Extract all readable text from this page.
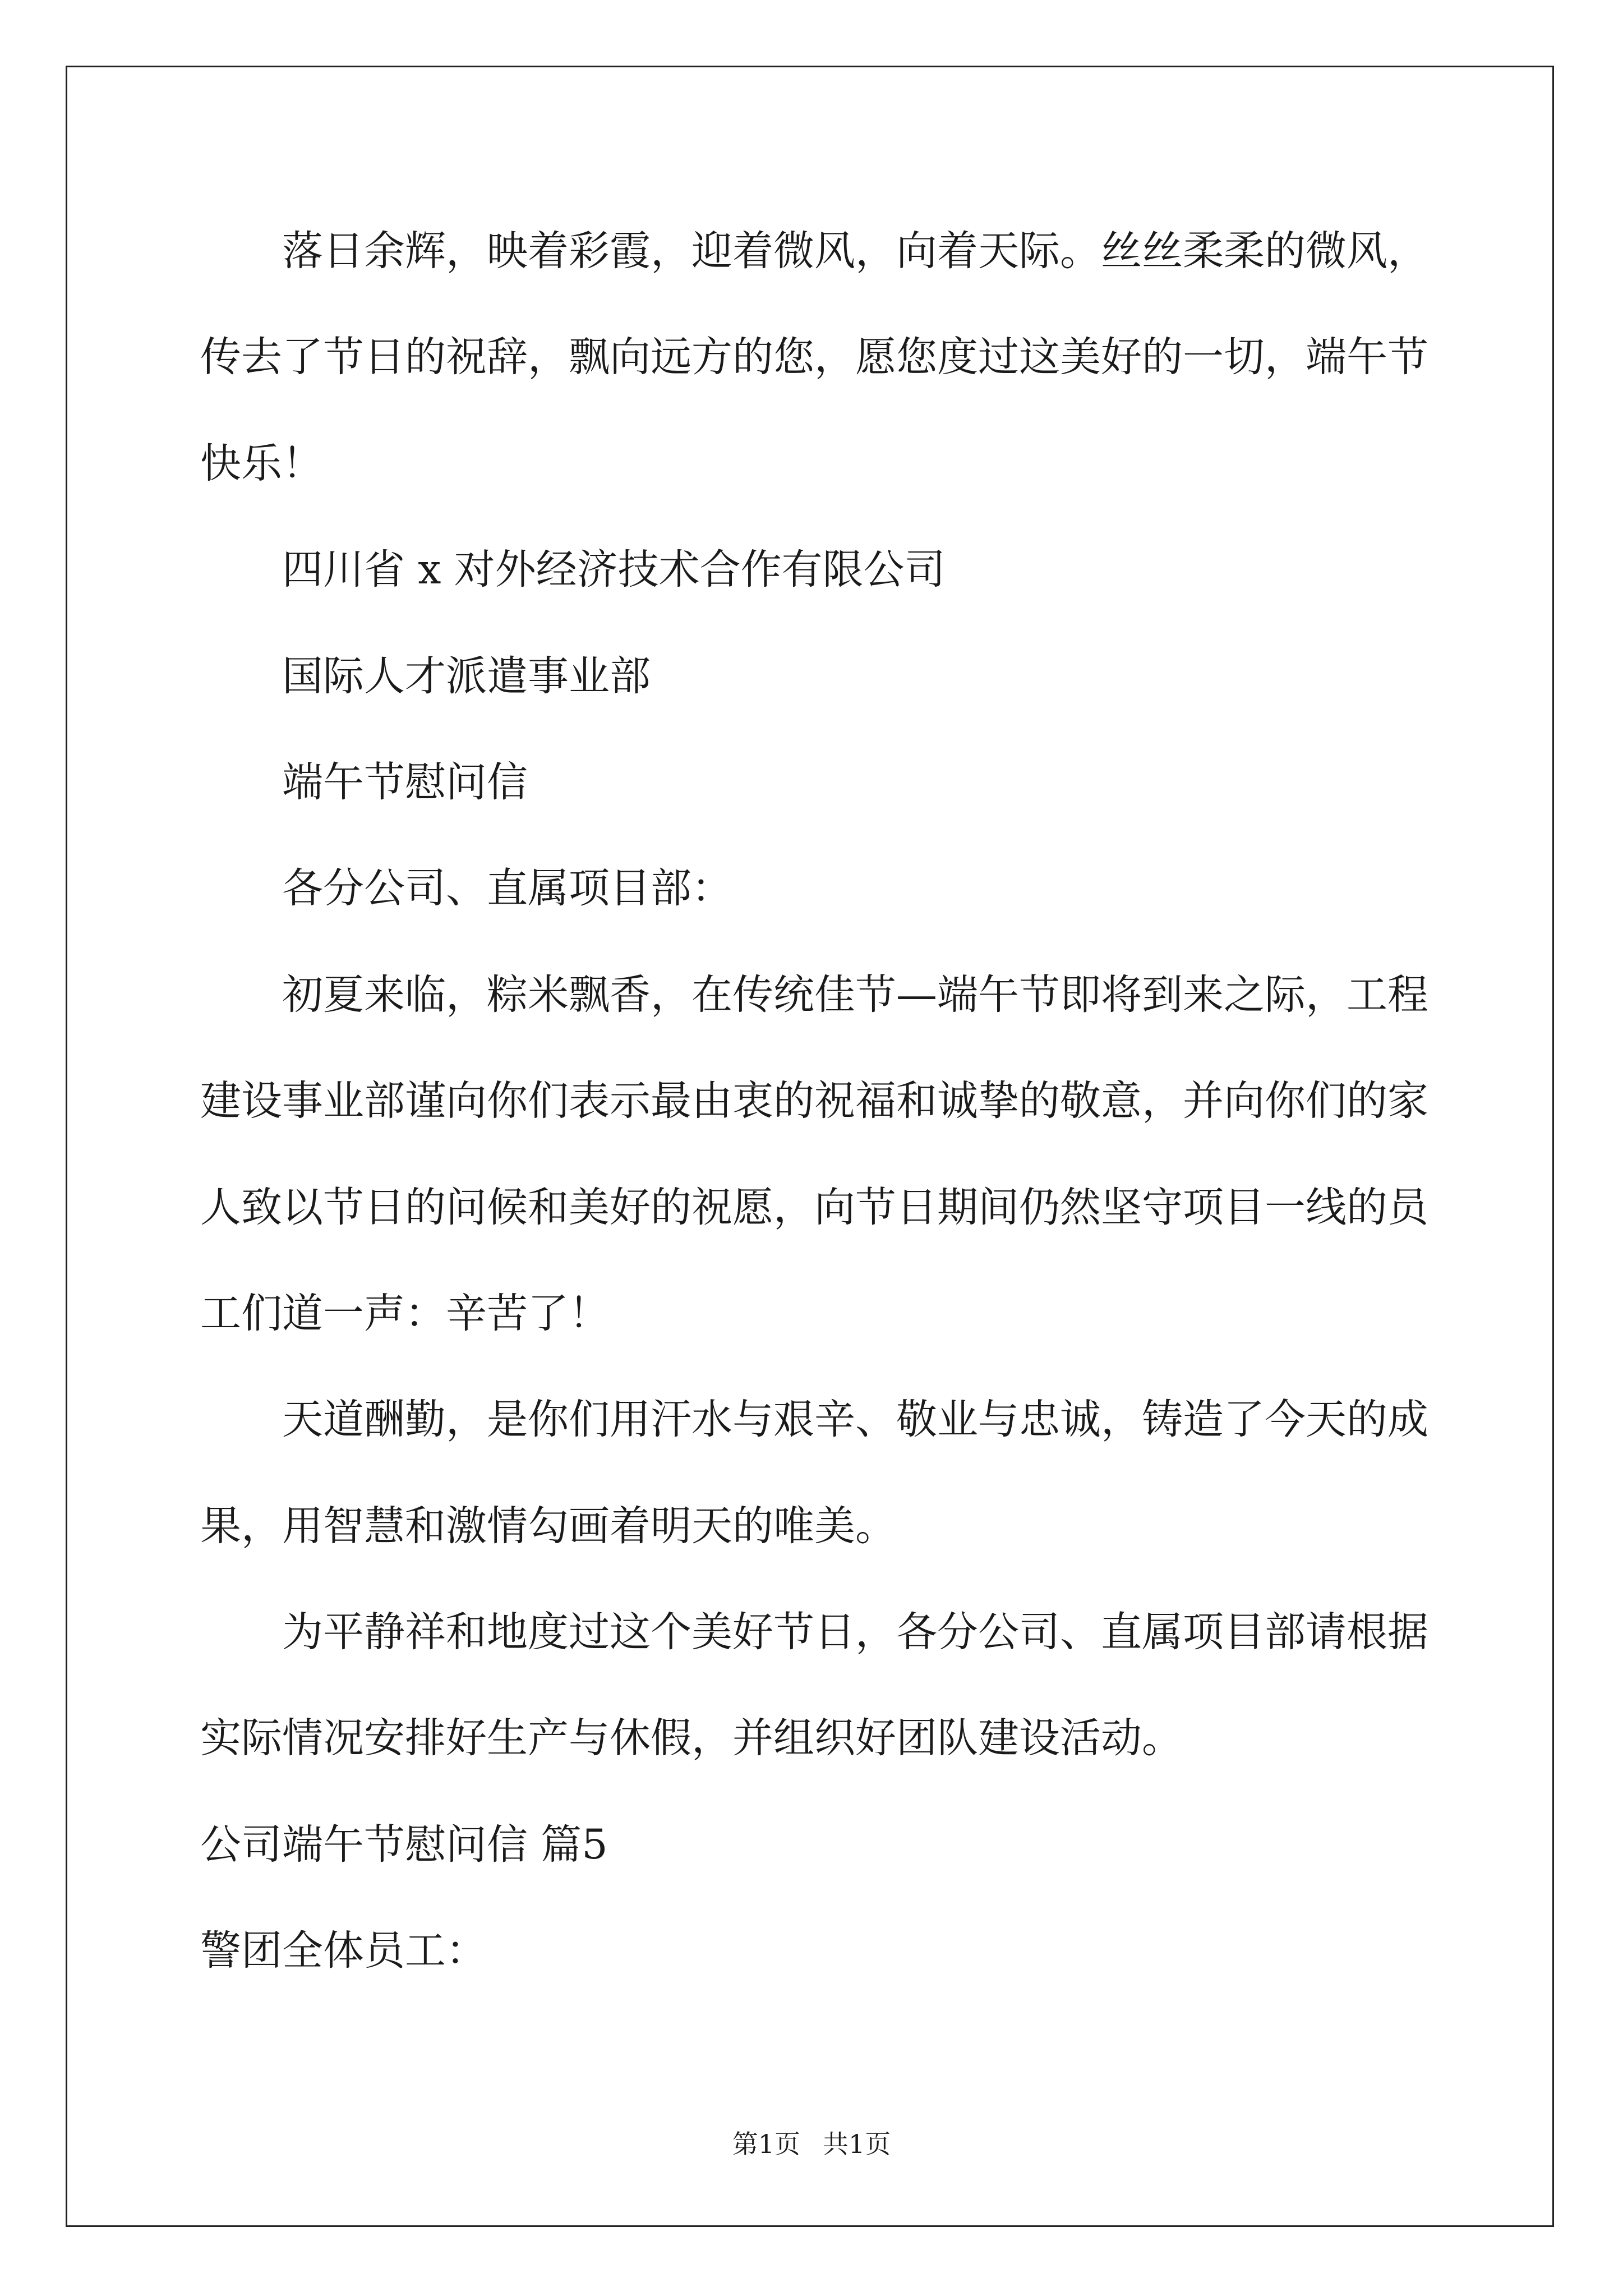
落日余辉，映着彩霞，迎着微风，向着天际。丝丝柔柔的微风，
传去了节日的祝辞，飘向远方的您，愿您度过这美好的一切，端午节
快乐！
四川省 x 对外经济技术合作有限公司
国际人才派遣事业部
端午节慰问信
各分公司、直属项目部：
初夏来临，粽米飘香，在传统佳节—端午节即将到来之际，工程
建设事业部谨向你们表示最由衷的祝福和诚挚的敬意，并向你们的家
人致以节日的问候和美好的祝愿，向节日期间仍然坚守项目一线的员
工们道一声：辛苦了！
天道酬勤，是你们用汗水与艰辛、敬业与忠诚，铸造了今天的成
果，用智慧和激情勾画着明天的唯美。
为平静祥和地度过这个美好节日，各分公司、直属项目部请根据
实际情况安排好生产与休假，并组织好团队建设活动。
公司端午节慰问信 篇5
警团全体员工：
第1页 共1页
